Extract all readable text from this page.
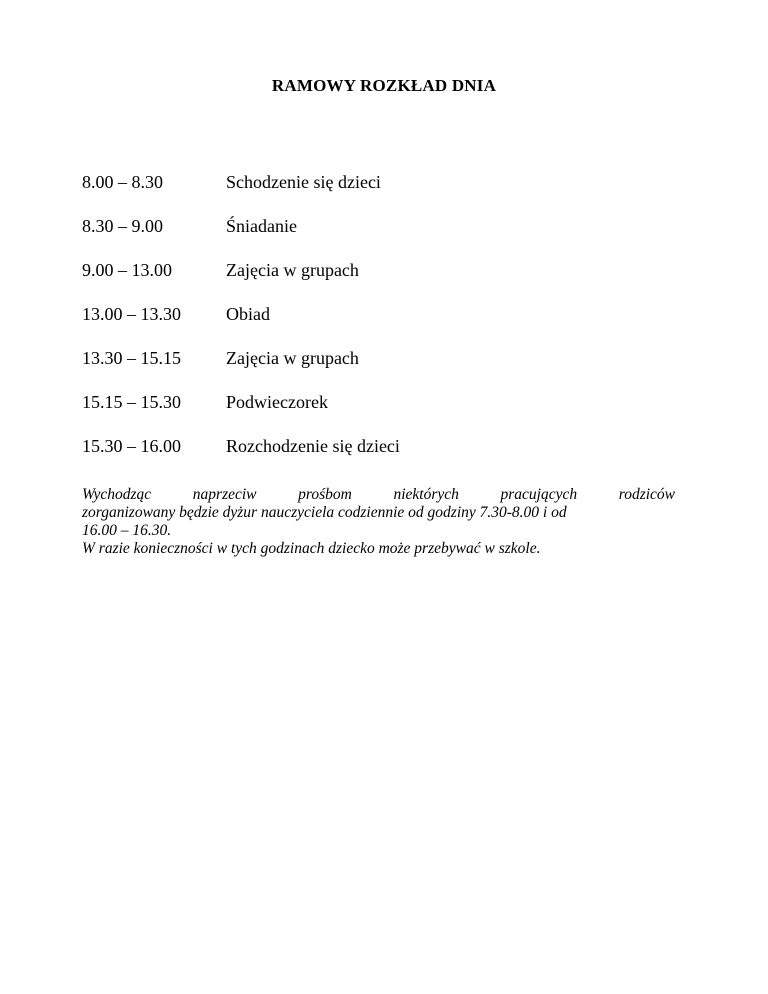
RAMOWY ROZKŁAD DNIA
8.00 – 8.30	Schodzenie się dzieci
8.30 – 9.00	Śniadanie
9.00 – 13.00	Zajęcia w grupach
13.00 – 13.30	Obiad
13.30 – 15.15	Zajęcia w grupach
15.15 – 15.30	Podwieczorek
15.30 – 16.00	Rozchodzenie się dzieci
Wychodząc naprzeciw prośbom niektórych pracujących rodziców
zorganizowany będzie dyżur nauczyciela codziennie od godziny 7.30-8.00 i od
16.00 – 16.30.
W razie konieczności w tych godzinach dziecko może przebywać w szkole.
